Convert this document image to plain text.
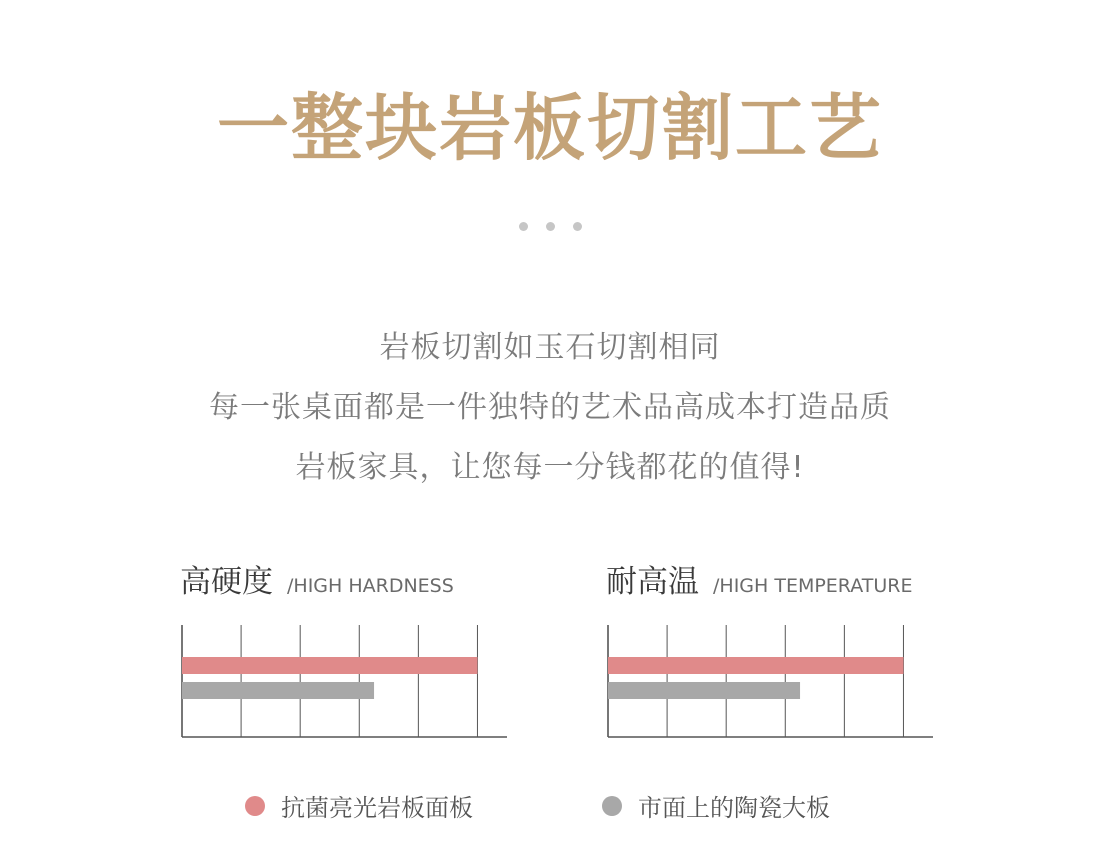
一整块岩板切割工艺
岩板切割如玉石切割相同
每一张桌面都是一件独特的艺术品高成本打造品质
岩板家具，让您每一分钱都花的值得!
高硬度 /HIGH HARDNESS	耐高温 /HIGH TEMPERATURE
抗菌亮光岩板面板	市面上的陶瓷大板
